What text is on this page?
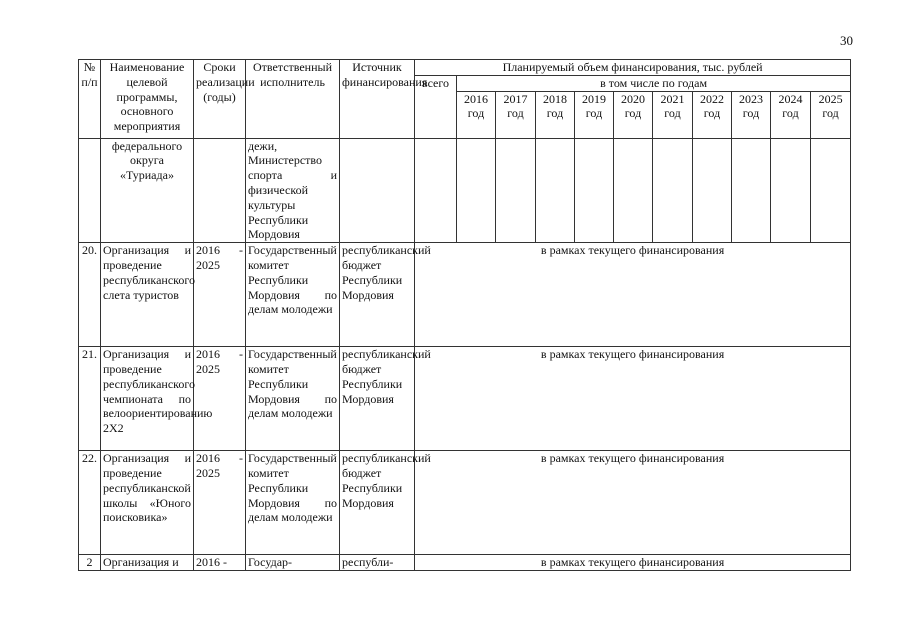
30
№ п/п	Наименование целевой программы, основного мероприятия	Сроки реализации (годы)	Ответственный исполнитель	Источник финансирования	Планируемый объем финансирования, тыс. рублей										
					всего	в том числе по годам									
						2016 год	2017 год	2018 год	2019 год	2020 год	2021 год	2022 год	2023 год	2024 год	2025 год
	федерального округа «Туриада»		дежи, Министерство спорта и физической культуры Республики Мордовия												
20.	Организация и проведение республиканского слета туристов	2016 - 2025	Государственный комитет Республики Мордовия по делам молодежи	республиканский бюджет Республики Мордовия	в рамках текущего финансирования										
21.	Организация и проведение республиканского чемпионата по велоориентированию 2Х2	2016 - 2025	Государственный комитет Республики Мордовия по делам молодежи	республиканский бюджет Республики Мордовия	в рамках текущего финансирования										
22.	Организация и проведение республиканской школы «Юного поисковика»	2016 - 2025	Государственный комитет Республики Мордовия по делам молодежи	республиканский бюджет Республики Мордовия	в рамках текущего финансирования										
2	Организация и	2016 -	Государ-	республи-	в рамках текущего финансирования										
